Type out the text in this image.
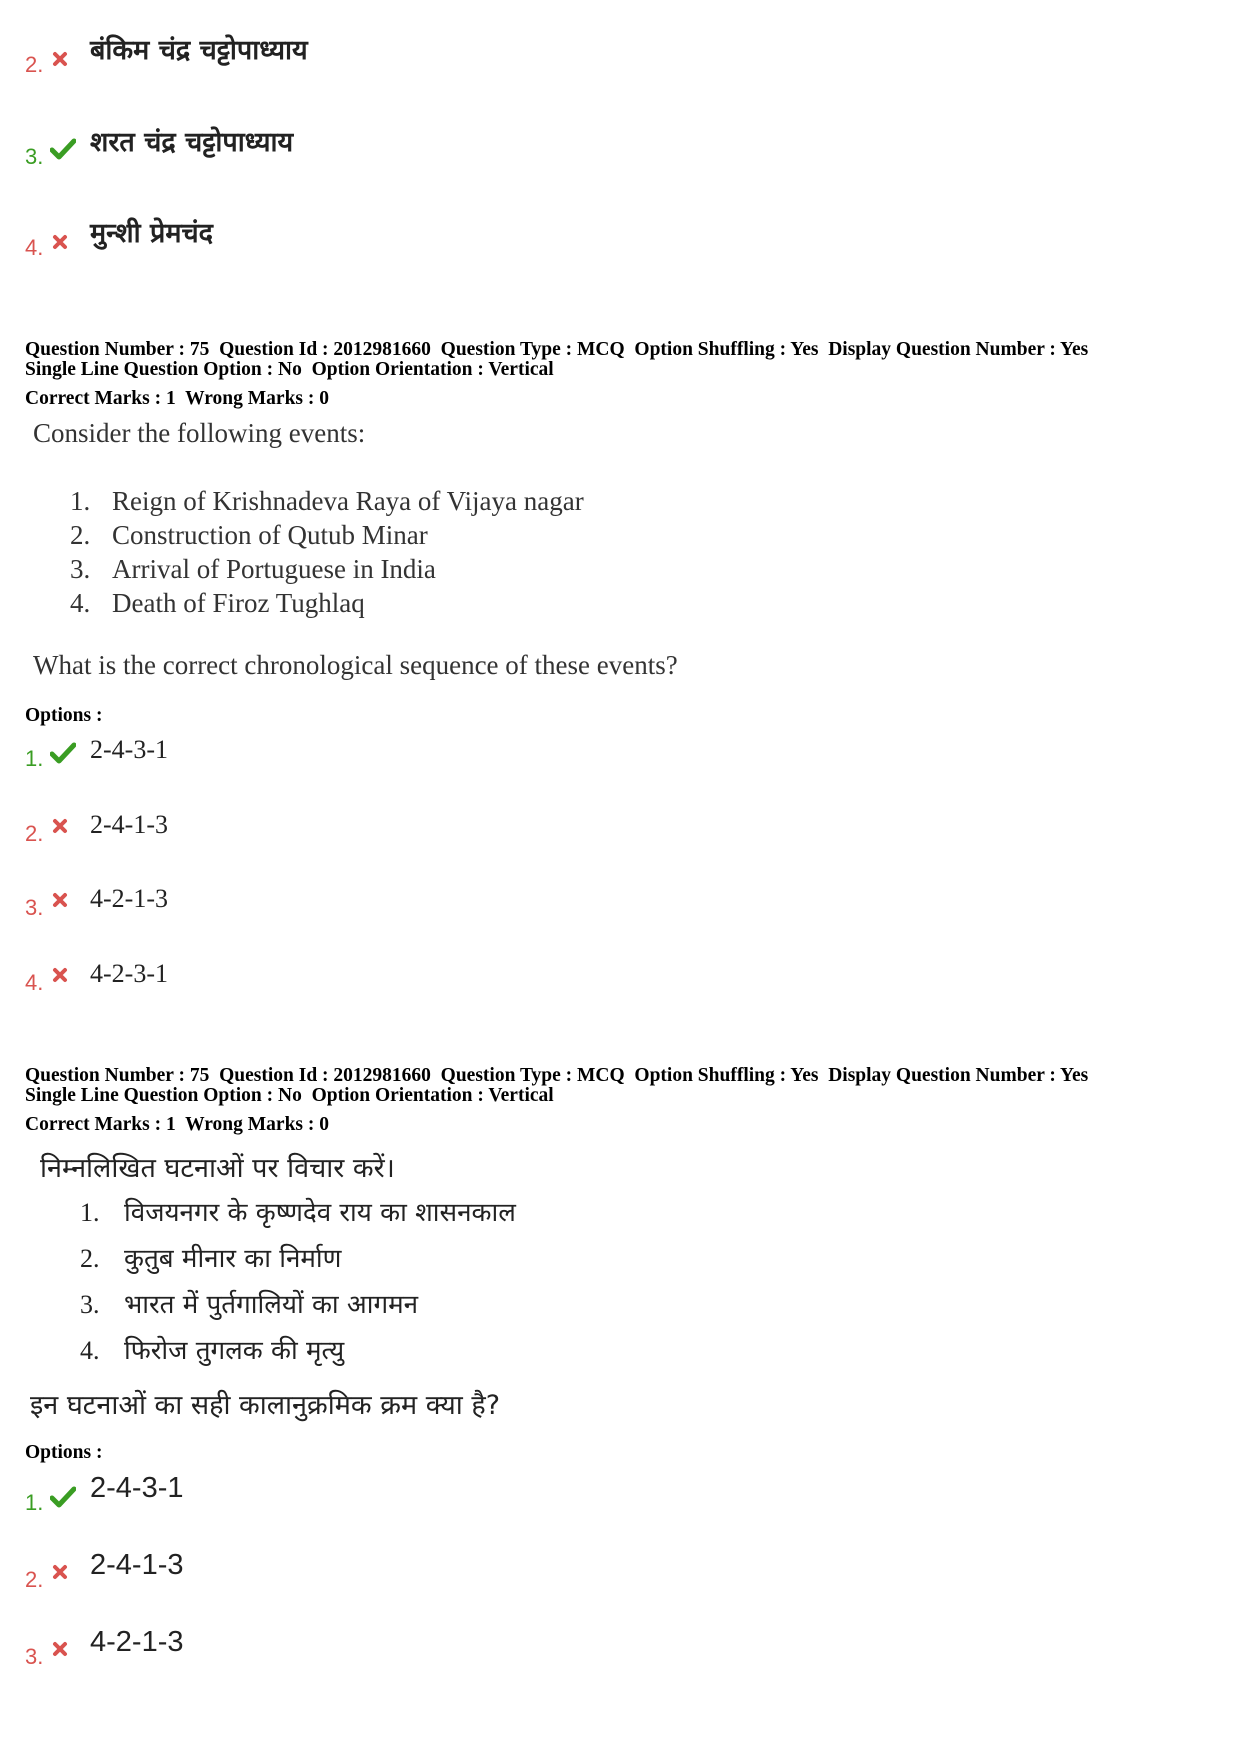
2. बंकिम चंद्र चट्टोपाध्याय
3. शरत चंद्र चट्टोपाध्याय
4. मुन्शी प्रेमचंद
Question Number : 75  Question Id : 2012981660  Question Type : MCQ  Option Shuffling : Yes  Display Question Number : Yes
Single Line Question Option : No  Option Orientation : Vertical
Correct Marks : 1  Wrong Marks : 0
Consider the following events:
1. Reign of Krishnadeva Raya of Vijaya nagar
2. Construction of Qutub Minar
3. Arrival of Portuguese in India
4. Death of Firoz Tughlaq
What is the correct chronological sequence of these events?
Options :
1. 2-4-3-1
2. 2-4-1-3
3. 4-2-1-3
4. 4-2-3-1
Question Number : 75  Question Id : 2012981660  Question Type : MCQ  Option Shuffling : Yes  Display Question Number : Yes
Single Line Question Option : No  Option Orientation : Vertical
Correct Marks : 1  Wrong Marks : 0
निम्नलिखित घटनाओं पर विचार करें।
1. विजयनगर के कृष्णदेव राय का शासनकाल
2. कुतुब मीनार का निर्माण
3. भारत में पुर्तगालियों का आगमन
4. फिरोज तुगलक की मृत्यु
इन घटनाओं का सही कालानुक्रमिक क्रम क्या है?
Options :
1. 2-4-3-1
2. 2-4-1-3
3. 4-2-1-3
